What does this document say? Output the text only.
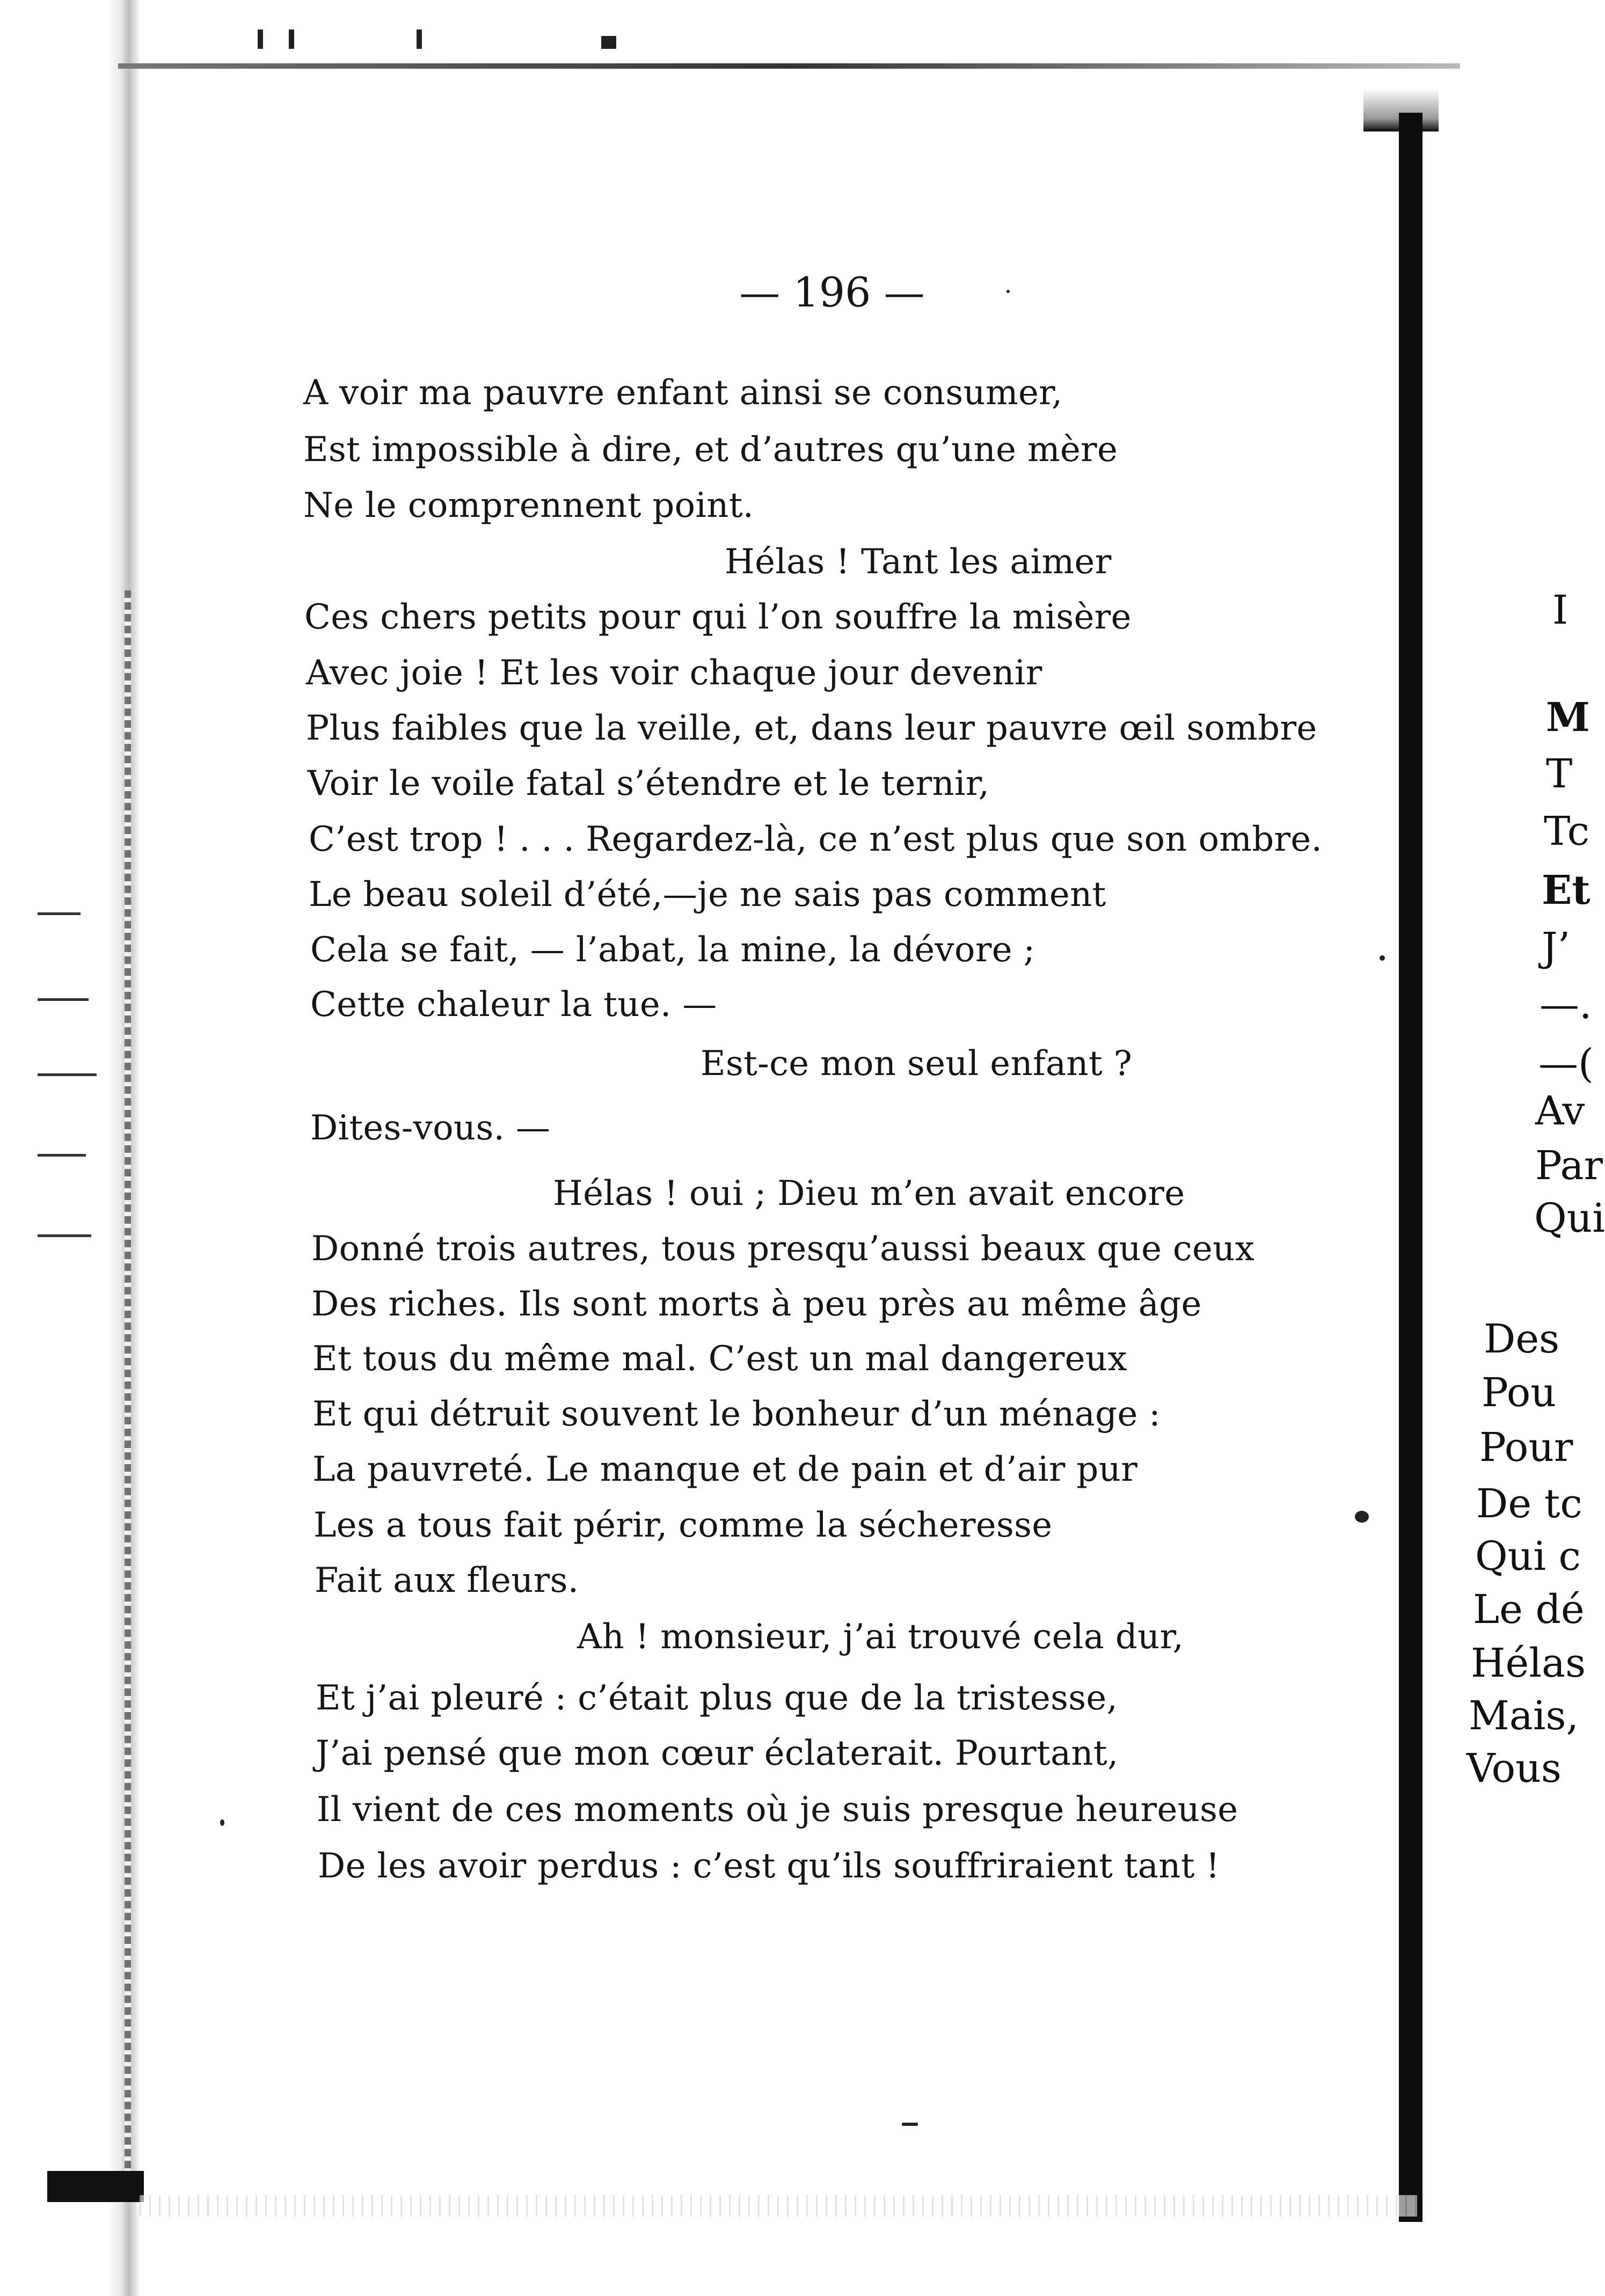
— 196 —
A voir ma pauvre enfant ainsi se consumer,
Est impossible à dire, et d’autres qu’une mère
Ne le comprennent point.
Hélas ! Tant les aimer
Ces chers petits pour qui l’on souffre la misère
Avec joie ! Et les voir chaque jour devenir
Plus faibles que la veille, et, dans leur pauvre œil sombre
Voir le voile fatal s’étendre et le ternir,
C’est trop ! . . . Regardez-là, ce n’est plus que son ombre.
Le beau soleil d’été,—je ne sais pas comment
Cela se fait, — l’abat, la mine, la dévore ;
Cette chaleur la tue. —
Est-ce mon seul enfant ?
Dites-vous. —
Hélas ! oui ; Dieu m’en avait encore
Donné trois autres, tous presqu’aussi beaux que ceux
Des riches. Ils sont morts à peu près au même âge
Et tous du même mal. C’est un mal dangereux
Et qui détruit souvent le bonheur d’un ménage :
La pauvreté. Le manque et de pain et d’air pur
Les a tous fait périr, comme la sécheresse
Fait aux fleurs.
Ah ! monsieur, j’ai trouvé cela dur,
Et j’ai pleuré : c’était plus que de la tristesse,
J’ai pensé que mon cœur éclaterait. Pourtant,
Il vient de ces moments où je suis presque heureuse
De les avoir perdus : c’est qu’ils souffriraient tant !
I
M
T
Tc
Et
J’
—.
—(
Av
Par
Qui
Des
Pou
Pour
De tc
Qui c
Le dé
Hélas
Mais,
Vous
